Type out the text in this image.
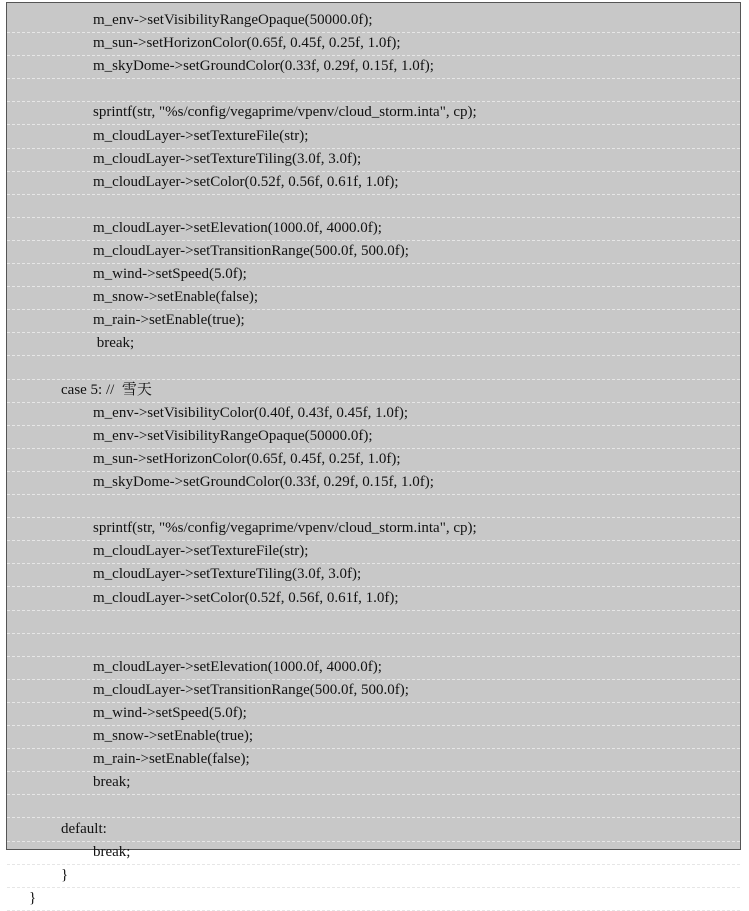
m_env->setVisibilityRangeOpaque(50000.0f);
m_sun->setHorizonColor(0.65f, 0.45f, 0.25f, 1.0f);
m_skyDome->setGroundColor(0.33f, 0.29f, 0.15f, 1.0f);
sprintf(str, "%s/config/vegaprime/vpenv/cloud_storm.inta", cp);
m_cloudLayer->setTextureFile(str);
m_cloudLayer->setTextureTiling(3.0f, 3.0f);
m_cloudLayer->setColor(0.52f, 0.56f, 0.61f, 1.0f);
m_cloudLayer->setElevation(1000.0f, 4000.0f);
m_cloudLayer->setTransitionRange(500.0f, 500.0f);
m_wind->setSpeed(5.0f);
m_snow->setEnable(false);
m_rain->setEnable(true);
break;
case 5: //  雪天
m_env->setVisibilityColor(0.40f, 0.43f, 0.45f, 1.0f);
m_env->setVisibilityRangeOpaque(50000.0f);
m_sun->setHorizonColor(0.65f, 0.45f, 0.25f, 1.0f);
m_skyDome->setGroundColor(0.33f, 0.29f, 0.15f, 1.0f);
sprintf(str, "%s/config/vegaprime/vpenv/cloud_storm.inta", cp);
m_cloudLayer->setTextureFile(str);
m_cloudLayer->setTextureTiling(3.0f, 3.0f);
m_cloudLayer->setColor(0.52f, 0.56f, 0.61f, 1.0f);
m_cloudLayer->setElevation(1000.0f, 4000.0f);
m_cloudLayer->setTransitionRange(500.0f, 500.0f);
m_wind->setSpeed(5.0f);
m_snow->setEnable(true);
m_rain->setEnable(false);
break;
default:
break;
}
}
